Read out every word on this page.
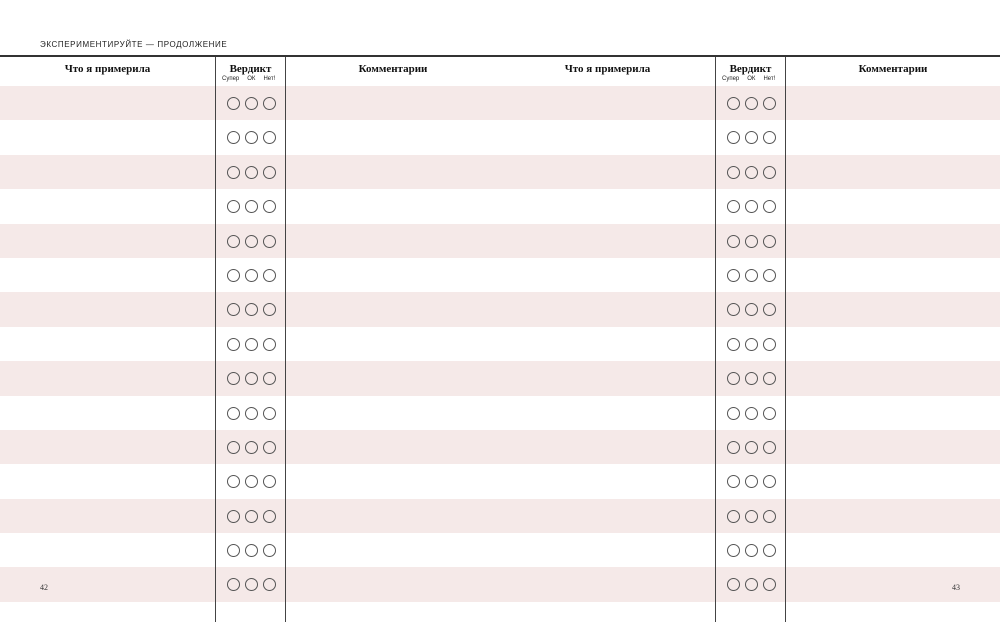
ЭКСПЕРИМЕНТИРУЙТЕ — ПРОДОЛЖЕНИЕ
Что я примерила	Вердикт
Супер ОК Нет!
Комментарии	Что я примерила	Вердикт
Супер ОК Нет!
Комментарии
42	43
